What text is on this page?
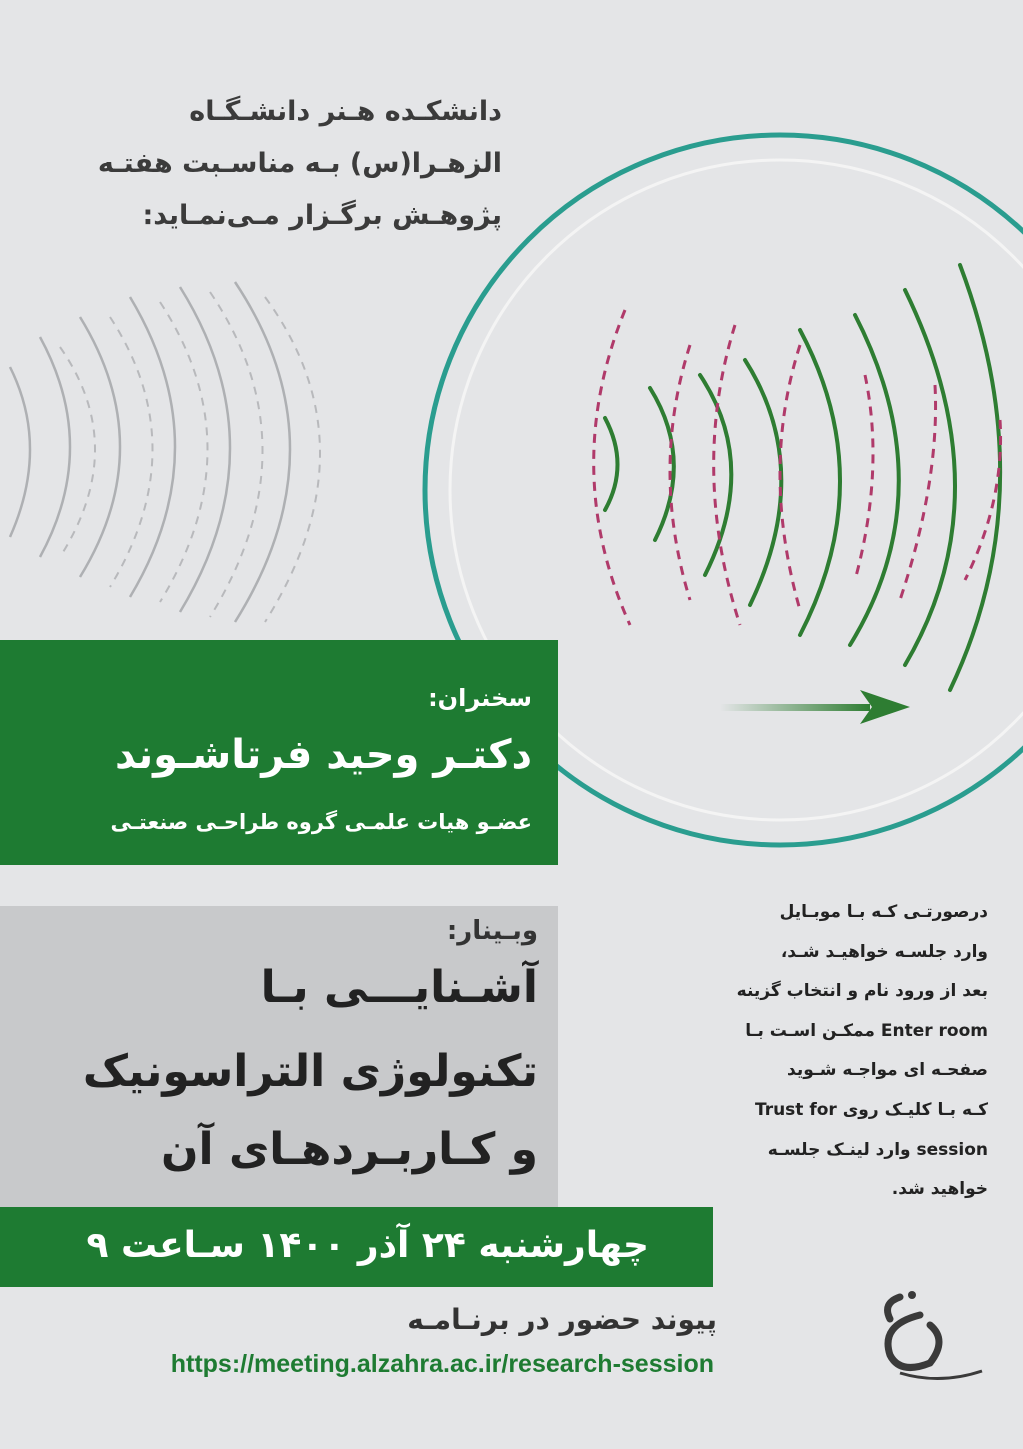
دانشکـده هـنر دانشـگـاه
الزهـرا(س) بـه مناسـبت هفتـه
پژوهـش برگـزار مـی‌نمـاید:
سخنران:
دکتـر وحید فرتاشـوند
عضـو هیات علمـی گروه طراحـی صنعتـی
وبـینار:
آشـنایـــی بـا
تکنولوژی التراسونیک
و کـاربـردهـای آن
چهارشنبه ۲۴ آذر ۱۴۰۰ سـاعت ۹
پیوند حضور در برنـامـه
https://meeting.alzahra.ac.ir/research-session
درصورتـی کـه بـا موبـایل
وارد جلسـه خواهیـد شـد،
بعد از ورود نام و انتخاب گزینه
Enter room ممکـن اسـت بـا
صفحـه ای مواجـه شـوید
کـه بـا کلیـک روی Trust for
session وارد لینـک جلسـه
خواهید شد.
